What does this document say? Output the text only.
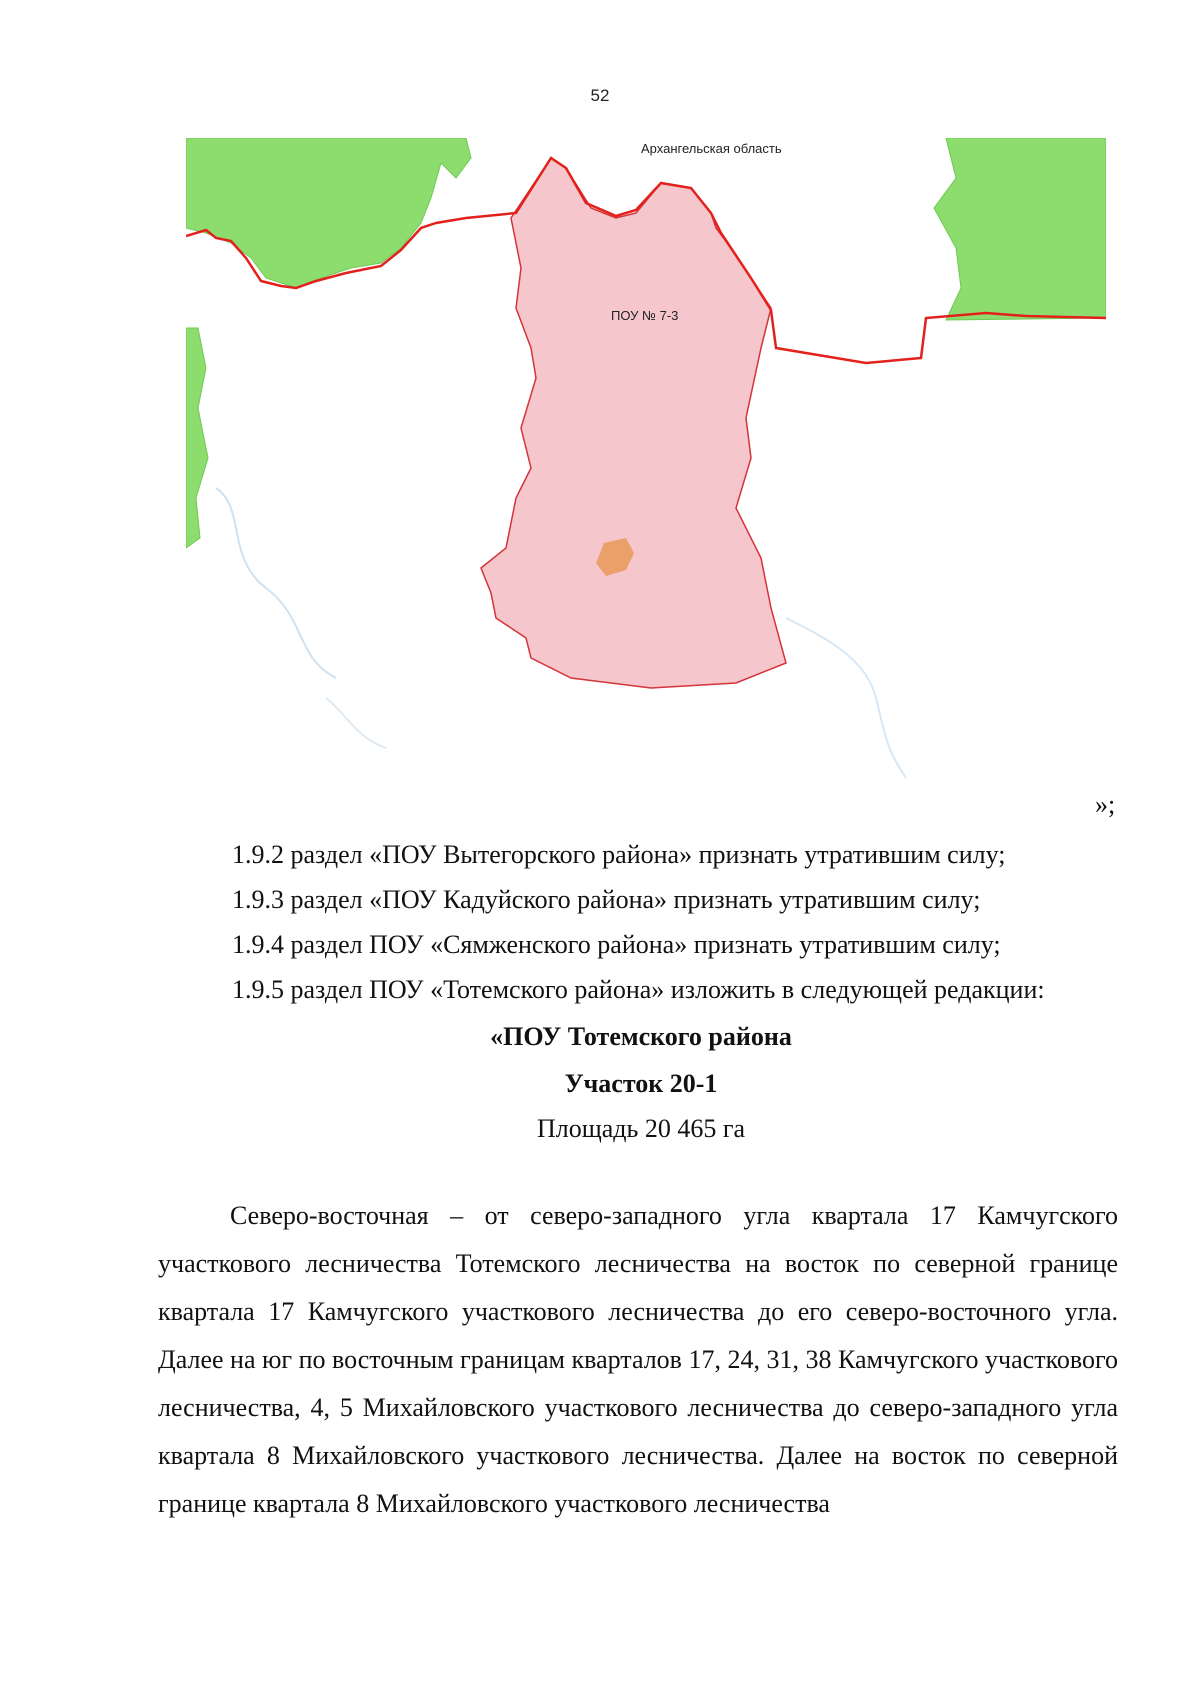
52
Архангельская область
ПОУ № 7-3
»;
1.9.2 раздел «ПОУ Вытегорского района» признать утратившим силу;
1.9.3 раздел «ПОУ Кадуйского района» признать утратившим силу;
1.9.4 раздел ПОУ «Сямженского района» признать утратившим силу;
1.9.5 раздел ПОУ «Тотемского района» изложить в следующей редакции:
«ПОУ Тотемского района
Участок 20-1
Площадь 20 465 га

Северо-восточная – от северо-западного угла квартала 17 Камчугского участкового лесничества Тотемского лесничества на восток по северной границе квартала 17 Камчугского участкового лесничества до его северо-восточного угла. Далее на юг по восточным границам кварталов 17, 24, 31, 38 Камчугского участкового лесничества, 4, 5 Михайловского участкового лесничества до северо-западного угла квартала 8 Михайловского участкового лесничества. Далее на восток по северной границе квартала 8 Михайловского участкового лесничества
